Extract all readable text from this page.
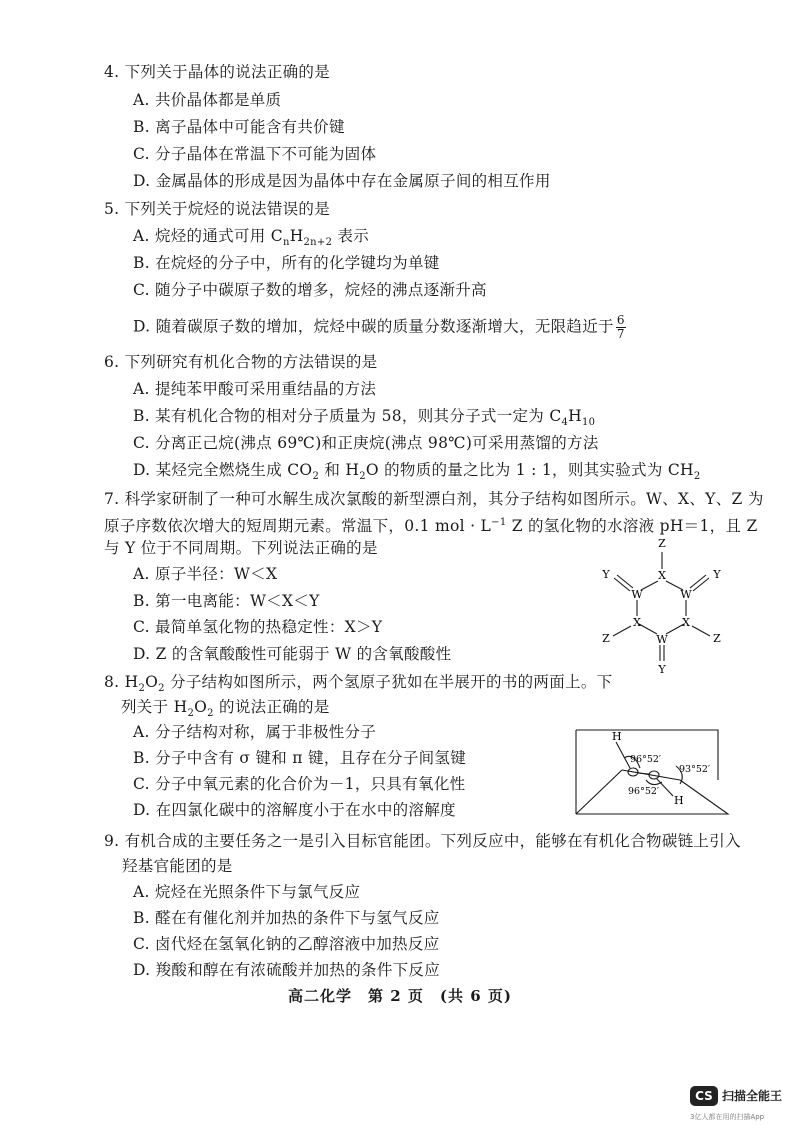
4. 下列关于晶体的说法正确的是
A. 共价晶体都是单质
B. 离子晶体中可能含有共价键
C. 分子晶体在常温下不可能为固体
D. 金属晶体的形成是因为晶体中存在金属原子间的相互作用
5. 下列关于烷烃的说法错误的是
A. 烷烃的通式可用 $C_nH_{2n+2}$ 表示
B. 在烷烃的分子中，所有的化学键均为单键
C. 随分子中碳原子数的增多，烷烃的沸点逐渐升高
D. 随着碳原子数的增加，烷烃中碳的质量分数逐渐增大，无限趋近于 $\frac{6}{7}$
6. 下列研究有机化合物的方法错误的是
A. 提纯苯甲酸可采用重结晶的方法
B. 某有机化合物的相对分子质量为 58，则其分子式一定为 $C_4H_{10}$
C. 分离正己烷(沸点 69℃)和正庚烷(沸点 98℃)可采用蒸馏的方法
D. 某烃完全燃烧生成 $CO_2$ 和 $H_2O$ 的物质的量之比为 1 : 1，则其实验式为 $CH_2$
7. 科学家研制了一种可水解生成次氯酸的新型漂白剂，其分子结构如图所示。W、X、Y、Z 为
原子序数依次增大的短周期元素。常温下，0.1 mol · $L^{-1}$ Z 的氢化物的水溶液 pH＝1，且 Z
与 Y 位于不同周期。下列说法正确的是
A. 原子半径：W＜X
B. 第一电离能：W＜X＜Y
C. 最简单氢化物的热稳定性：X＞Y
D. Z 的含氧酸酸性可能弱于 W 的含氧酸酸性
Z
X
Y	Y
W	W
X	X
Z	Z
W
Y
8. $H_2O_2$ 分子结构如图所示，两个氢原子犹如在半展开的书的两面上。下
列关于 $H_2O_2$ 的说法正确的是
A. 分子结构对称，属于非极性分子
B. 分子中含有 σ 键和 π 键，且存在分子间氢键
C. 分子中氧元素的化合价为－1，只具有氧化性
D. 在四氯化碳中的溶解度小于在水中的溶解度
H
96°52′
93°52′
96°52′
H
9. 有机合成的主要任务之一是引入目标官能团。下列反应中，能够在有机化合物碳链上引入
羟基官能团的是
A. 烷烃在光照条件下与氯气反应
B. 醛在有催化剂并加热的条件下与氢气反应
C. 卤代烃在氢氧化钠的乙醇溶液中加热反应
D. 羧酸和醇在有浓硫酸并加热的条件下反应
高二化学　第 2 页　(共 6 页)
CS 扫描全能王
3亿人都在用的扫描App
